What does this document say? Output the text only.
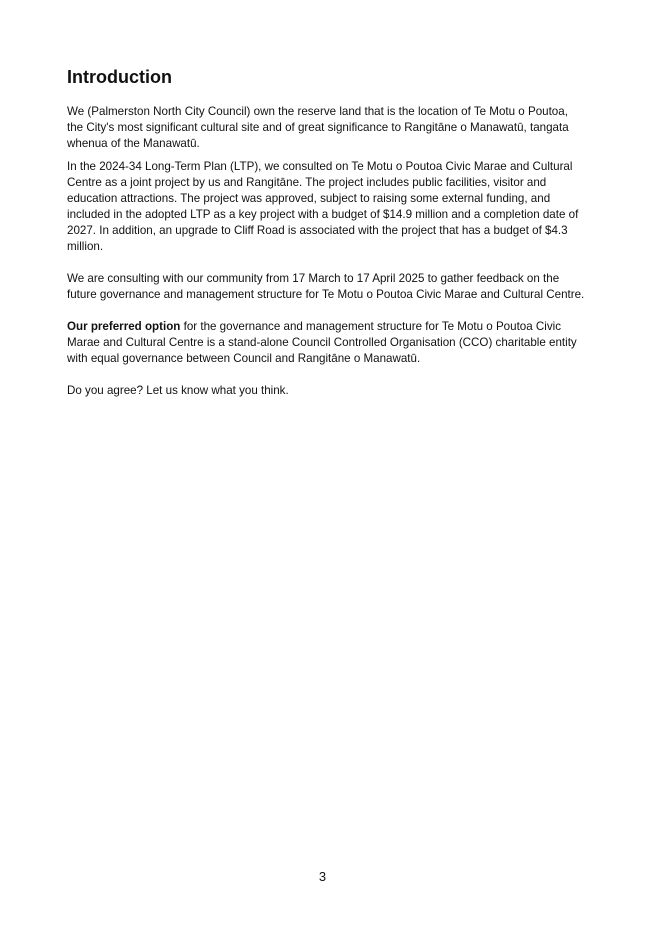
Introduction

We (Palmerston North City Council) own the reserve land that is the location of Te Motu o Poutoa, the City's most significant cultural site and of great significance to Rangitāne o Manawatū, tangata whenua of the Manawatū.

In the 2024-34 Long-Term Plan (LTP), we consulted on Te Motu o Poutoa Civic Marae and Cultural Centre as a joint project by us and Rangitāne. The project includes public facilities, visitor and education attractions. The project was approved, subject to raising some external funding, and included in the adopted LTP as a key project with a budget of $14.9 million and a completion date of 2027. In addition, an upgrade to Cliff Road is associated with the project that has a budget of $4.3 million.

We are consulting with our community from 17 March to 17 April 2025 to gather feedback on the future governance and management structure for Te Motu o Poutoa Civic Marae and Cultural Centre.

Our preferred option for the governance and management structure for Te Motu o Poutoa Civic Marae and Cultural Centre is a stand-alone Council Controlled Organisation (CCO) charitable entity with equal governance between Council and Rangitāne o Manawatū.

Do you agree? Let us know what you think.

3
